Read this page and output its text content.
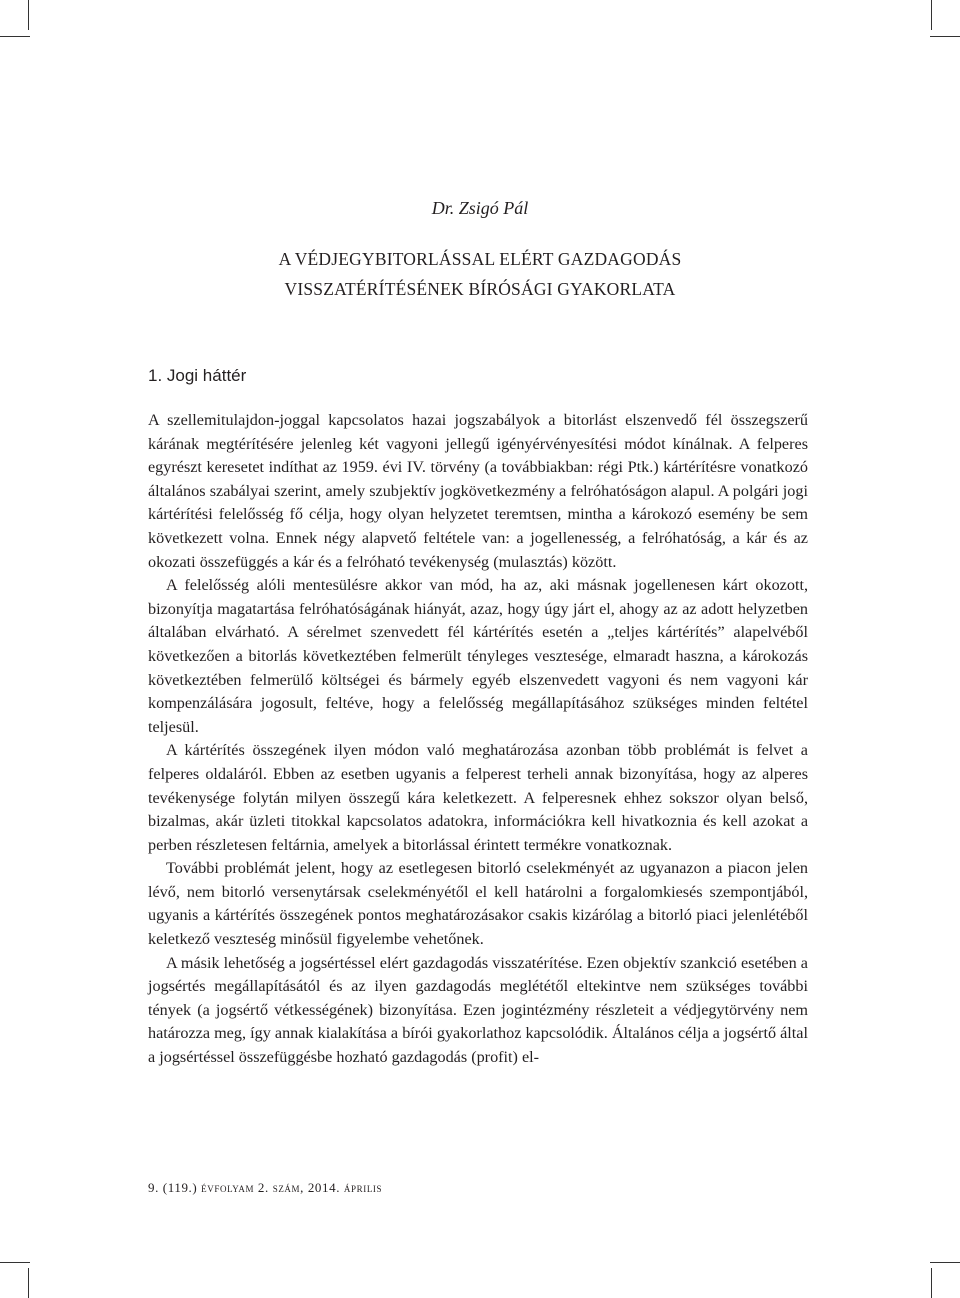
Dr. Zsigó Pál
A VÉDJEGYBITORLÁSSAL ELÉRT GAZDAGODÁS
VISSZATÉRÍTÉSÉNEK BÍRÓSÁGI GYAKORLATA
1. Jogi háttér

A szellemitulajdon-joggal kapcsolatos hazai jogszabályok a bitorlást elszenvedő fél összegszerű kárának megtérítésére jelenleg két vagyoni jellegű igényérvényesítési módot kínálnak. A felperes egyrészt keresetet indíthat az 1959. évi IV. törvény (a továbbiakban: régi Ptk.) kártérítésre vonatkozó általános szabályai szerint, amely szubjektív jogkövetkezmény a felróhatóságon alapul. A polgári jogi kártérítési felelősség fő célja, hogy olyan helyzetet teremtsen, mintha a károkozó esemény be sem következett volna. Ennek négy alapvető feltétele van: a jogellenesség, a felróhatóság, a kár és az okozati összefüggés a kár és a felróható tevékenység (mulasztás) között.

A felelősség alóli mentesülésre akkor van mód, ha az, aki másnak jogellenesen kárt okozott, bizonyítja magatartása felróhatóságának hiányát, azaz, hogy úgy járt el, ahogy az az adott helyzetben általában elvárható. A sérelmet szenvedett fél kártérítés esetén a „teljes kártérítés” alapelvéből következően a bitorlás következtében felmerült tényleges vesztesége, elmaradt haszna, a károkozás következtében felmerülő költségei és bármely egyéb elszenvedett vagyoni és nem vagyoni kár kompenzálására jogosult, feltéve, hogy a felelősség megállapításához szükséges minden feltétel teljesül.

A kártérítés összegének ilyen módon való meghatározása azonban több problémát is felvet a felperes oldaláról. Ebben az esetben ugyanis a felperest terheli annak bizonyítása, hogy az alperes tevékenysége folytán milyen összegű kára keletkezett. A felperesnek ehhez sokszor olyan belső, bizalmas, akár üzleti titokkal kapcsolatos adatokra, információkra kell hivatkoznia és kell azokat a perben részletesen feltárnia, amelyek a bitorlással érintett termékre vonatkoznak.

További problémát jelent, hogy az esetlegesen bitorló cselekményét az ugyanazon a piacon jelen lévő, nem bitorló versenytársak cselekményétől el kell határolni a forgalomkiesés szempontjából, ugyanis a kártérítés összegének pontos meghatározásakor csakis kizárólag a bitorló piaci jelenlétéből keletkező veszteség minősül figyelembe vehetőnek.

A másik lehetőség a jogsértéssel elért gazdagodás visszatérítése. Ezen objektív szankció esetében a jogsértés megállapításától és az ilyen gazdagodás meglététől eltekintve nem szükséges további tények (a jogsértő vétkességének) bizonyítása. Ezen jogintézmény részleteit a védjegytörvény nem határozza meg, így annak kialakítása a bírói gyakorlathoz kapcsolódik. Általános célja a jogsértő által a jogsértéssel összefüggésbe hozható gazdagodás (profit) el-

9. (119.) évfolyam 2. szám, 2014. április
